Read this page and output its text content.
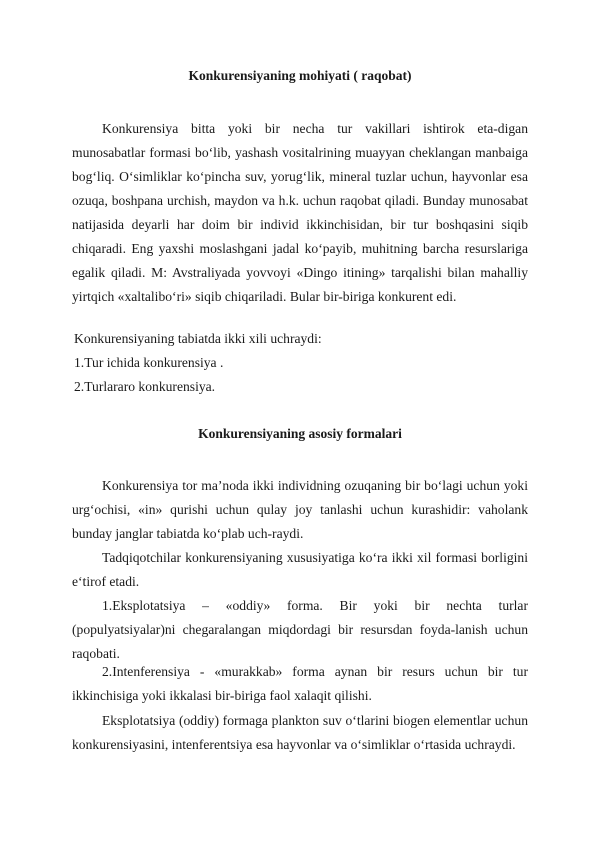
Konkurensiyaning mohiyati ( raqobat)

Konkurensiya bitta yoki bir necha tur vakillari ishtirok eta-digan munosabatlar formasi bo‘lib, yashash vositalrining muayyan cheklangan manbaiga bog‘liq. O‘simliklar ko‘pincha suv, yorug‘lik, mineral tuzlar uchun, hayvonlar esa ozuqa, boshpana urchish, maydon va h.k. uchun raqobat qiladi. Bunday munosabat natijasida deyarli har doim bir individ ikkinchisidan, bir tur boshqasini siqib chiqaradi. Eng yaxshi moslashgani jadal ko‘payib, muhitning barcha resurslariga egalik qiladi. M: Avstraliyada yovvoyi «Dingo itining» tarqalishi bilan mahalliy yirtqich «xaltalibo‘ri» siqib chiqariladi. Bular bir-biriga konkurent edi.

Konkurensiyaning tabiatda ikki xili uchraydi:

1.Tur ichida konkurensiya .

2.Turlararo konkurensiya.

Konkurensiyaning asosiy formalari

Konkurensiya tor ma’noda ikki individning ozuqaning bir bo‘lagi uchun yoki urg‘ochisi, «in» qurishi uchun qulay joy tanlashi uchun kurashidir: vaholank bunday janglar tabiatda ko‘plab uch-raydi.

Tadqiqotchilar konkurensiyaning xususiyatiga ko‘ra ikki xil formasi borligini e‘tirof etadi.

1.Eksplotatsiya – «oddiy» forma. Bir yoki bir nechta turlar (populyatsiyalar)ni chegaralangan miqdordagi bir resursdan foyda-lanish uchun raqobati.

2.Intenferensiya - «murakkab» forma aynan bir resurs uchun bir tur ikkinchisiga yoki ikkalasi bir-biriga faol xalaqit qilishi.

Eksplotatsiya (oddiy) formaga plankton suv o‘tlarini biogen elementlar uchun konkurensiyasini, intenferentsiya esa hayvonlar va o‘simliklar o‘rtasida uchraydi.
